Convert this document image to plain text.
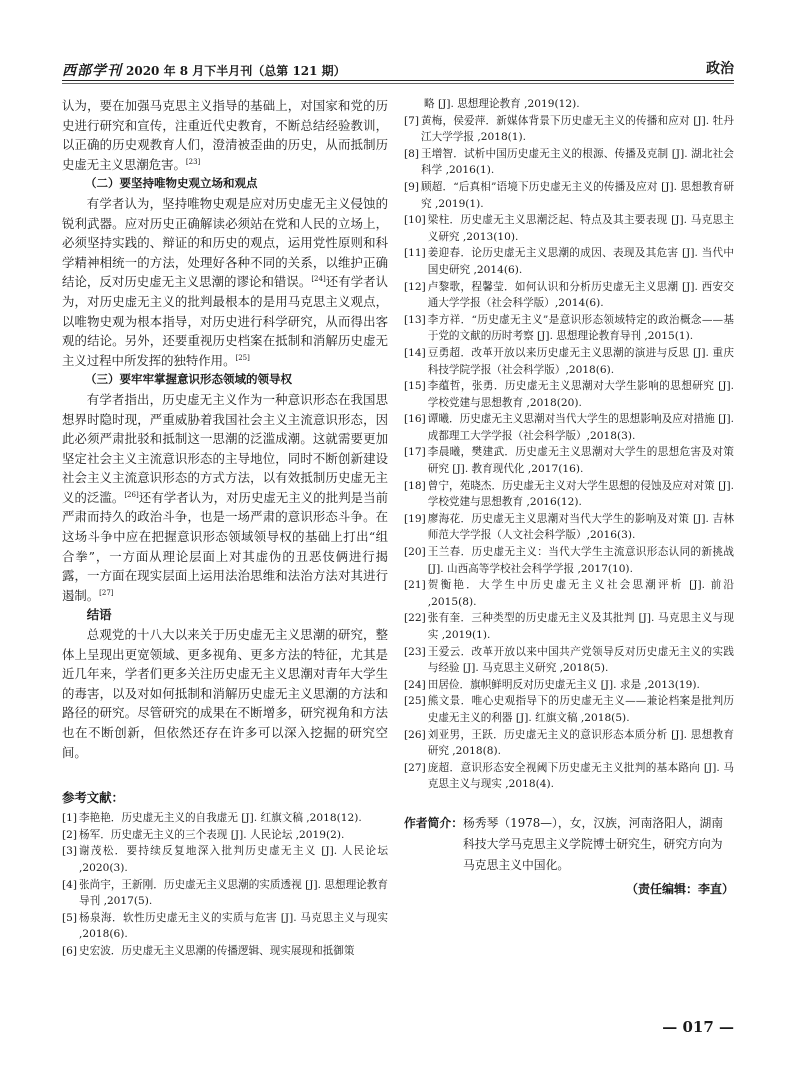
西部学刊 2020 年 8 月下半月刊（总第 121 期）	政治

认为，要在加强马克思主义指导的基础上，对国家和党的历史进行研究和宣传，注重近代史教育，不断总结经验教训，以正确的历史观教育人们，澄清被歪曲的历史，从而抵制历史虚无主义思潮危害。[23]

（二）要坚持唯物史观立场和观点

有学者认为，坚持唯物史观是应对历史虚无主义侵蚀的锐利武器。应对历史正确解读必须站在党和人民的立场上，必须坚持实践的、辩证的和历史的观点，运用党性原则和科学精神相统一的方法，处理好各种不同的关系，以维护正确结论，反对历史虚无主义思潮的谬论和错误。[24]还有学者认为，对历史虚无主义的批判最根本的是用马克思主义观点，以唯物史观为根本指导，对历史进行科学研究，从而得出客观的结论。另外，还要重视历史档案在抵制和消解历史虚无主义过程中所发挥的独特作用。[25]

（三）要牢牢掌握意识形态领域的领导权

有学者指出，历史虚无主义作为一种意识形态在我国思想界时隐时现，严重威胁着我国社会主义主流意识形态，因此必须严肃批驳和抵制这一思潮的泛滥成潮。这就需要更加坚定社会主义主流意识形态的主导地位，同时不断创新建设社会主义主流意识形态的方式方法，以有效抵制历史虚无主义的泛滥。[26]还有学者认为，对历史虚无主义的批判是当前严肃而持久的政治斗争，也是一场严肃的意识形态斗争。在这场斗争中应在把握意识形态领域领导权的基础上打出“组合拳”，一方面从理论层面上对其虚伪的丑恶伎俩进行揭露，一方面在现实层面上运用法治思维和法治方法对其进行遏制。[27]

结语

总观党的十八大以来关于历史虚无主义思潮的研究，整体上呈现出更宽领域、更多视角、更多方法的特征，尤其是近几年来，学者们更多关注历史虚无主义思潮对青年大学生的毒害，以及对如何抵制和消解历史虚无主义思潮的方法和路径的研究。尽管研究的成果在不断增多，研究视角和方法也在不断创新，但依然还存在许多可以深入挖掘的研究空间。

参考文献：
[1] 李艳艳．历史虚无主义的自我虚无 [J]. 红旗文稿 ,2018(12).
[2] 杨军．历史虚无主义的三个表现 [J]. 人民论坛 ,2019(2).
[3] 谢茂松．要持续反复地深入批判历史虚无主义 [J]. 人民论坛 ,2020(3).
[4] 张尚宇，王新刚．历史虚无主义思潮的实质透视 [J]. 思想理论教育导刊 ,2017(5).
[5] 杨泉海．软性历史虚无主义的实质与危害 [J]. 马克思主义与现实 ,2018(6).
[6] 史宏波．历史虚无主义思潮的传播逻辑、现实展现和抵御策
略 [J]. 思想理论教育 ,2019(12).
[7] 黄梅，侯爱萍．新媒体背景下历史虚无主义的传播和应对 [J]. 牡丹江大学学报 ,2018(1).
[8] 王增智．试析中国历史虚无主义的根源、传播及克制 [J]. 湖北社会科学 ,2016(1).
[9] 顾超．“后真相”语境下历史虚无主义的传播及应对 [J]. 思想教育研究 ,2019(1).
[10] 梁柱．历史虚无主义思潮泛起、特点及其主要表现 [J]. 马克思主义研究 ,2013(10).
[11] 姜迎春．论历史虚无主义思潮的成因、表现及其危害 [J]. 当代中国史研究 ,2014(6).
[12] 卢黎歌，程馨莹．如何认识和分析历史虚无主义思潮 [J]. 西安交通大学学报（社会科学版）,2014(6).
[13] 李方祥．“历史虚无主义”是意识形态领域特定的政治概念——基于党的文献的历时考察 [J]. 思想理论教育导刊 ,2015(1).
[14] 豆勇超．改革开放以来历史虚无主义思潮的演进与反思 [J]. 重庆科技学院学报（社会科学版）,2018(6).
[15] 李蕴哲，张勇．历史虚无主义思潮对大学生影响的思想研究 [J]. 学校党建与思想教育 ,2018(20).
[16] 谭曦．历史虚无主义思潮对当代大学生的思想影响及应对措施 [J]. 成都理工大学学报（社会科学版）,2018(3).
[17] 李晨曦，樊建武．历史虚无主义思潮对大学生的思想危害及对策研究 [J]. 教育现代化 ,2017(16).
[18] 曾宁，苑晓杰．历史虚无主义对大学生思想的侵蚀及应对对策 [J]. 学校党建与思想教育 ,2016(12).
[19] 廖海花．历史虚无主义思潮对当代大学生的影响及对策 [J]. 吉林师范大学学报（人文社会科学版）,2016(3).
[20] 王兰春．历史虚无主义：当代大学生主流意识形态认同的新挑战 [J]. 山西高等学校社会科学学报 ,2017(10).
[21] 贺衡艳．大学生中历史虚无主义社会思潮评析 [J]. 前沿 ,2015(8).
[22] 张有奎．三种类型的历史虚无主义及其批判 [J]. 马克思主义与现实 ,2019(1).
[23] 王爱云．改革开放以来中国共产党领导反对历史虚无主义的实践与经验 [J]. 马克思主义研究 ,2018(5).
[24] 田居俭．旗帜鲜明反对历史虚无主义 [J]. 求是 ,2013(19).
[25] 熊文景．唯心史观指导下的历史虚无主义——兼论档案是批判历史虚无主义的利器 [J]. 红旗文稿 ,2018(5).
[26] 刘亚男，王跃．历史虚无主义的意识形态本质分析 [J]. 思想教育研究 ,2018(8).
[27] 庞超．意识形态安全视阈下历史虚无主义批判的基本路向 [J]. 马克思主义与现实 ,2018(4).
作者简介： 杨秀琴（1978—），女，汉族，河南洛阳人，湖南科技大学马克思主义学院博士研究生，研究方向为马克思主义中国化。
（责任编辑：李直）
— 017 —
